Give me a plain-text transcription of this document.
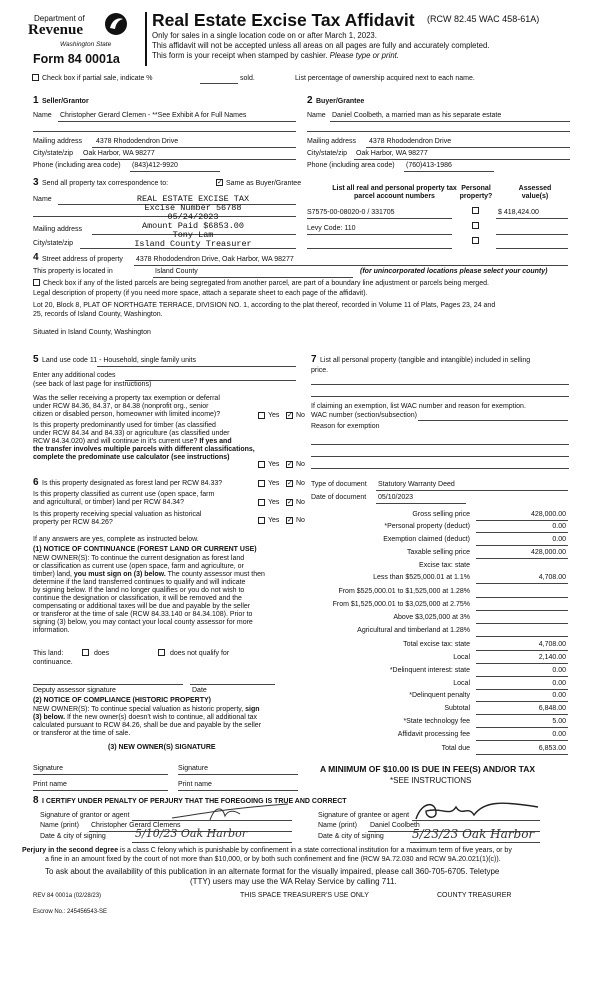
Department of
Revenue
Washington State
Form 84 0001a
Real Estate Excise Tax Affidavit (RCW 82.45 WAC 458-61A)
Only for sales in a single location code on or after March 1, 2023.
This affidavit will not be accepted unless all areas on all pages are fully and accurately completed.
This form is your receipt when stamped by cashier. Please type or print.
Check box if partial sale, indicate %	sold.	List percentage of ownership acquired next to each name.
1 Seller/Grantor
Name Christopher Gerard Clemen - **See Exhibit A for Full Names
Mailing address 4378 Rhododendron Drive
City/state/zip Oak Harbor, WA 98277
Phone (including area code) (843)412-9920
2 Buyer/Grantee
Name Daniel Coolbeth, a married man as his separate estate
Mailing address 4378 Rhododendron Drive
City/state/zip Oak Harbor, WA 98277
Phone (including area code) (760)413-1986
3 Send all property tax correspondence to:	✓ Same as Buyer/Grantee
Name
Mailing address
City/state/zip
REAL ESTATE EXCISE TAX
Excise Number 56788
05/24/2023
Amount Paid $6853.00
Tony Lam
Island County Treasurer
List all real and personal property tax
parcel account numbers
Personal
property?
Assessed
value(s)
S7575-00-08020-0 / 331705	$ 418,424.00
Levy Code: 110
4 Street address of property 4378 Rhododendron Drive, Oak Harbor, WA 98277
This property is located in	Island County	(for unincorporated locations please select your county)
Check box if any of the listed parcels are being segregated from another parcel, are part of a boundary line adjustment or parcels being merged.
Legal description of property (if you need more space, attach a separate sheet to each page of the affidavit).
Lot 20, Block 8, PLAT OF NORTHGATE TERRACE, DIVISION NO. 1, according to the plat thereof, recorded in Volume 11 of Plats, Pages 23, 24 and
25, records of Island County, Washington.
Situated in Island County, Washington
5 Land use code 11 - Household, single family units
Enter any additional codes
(see back of last page for instructions)
Was the seller receiving a property tax exemption or deferral
under RCW 84.36, 84.37, or 84.38 (nonprofit org., senior
citizen or disabled person, homeowner with limited income)?	Yes ✓ No
Is this property predominantly used for timber (as classified
under RCW 84.34 and 84.33) or agriculture (as classified under
RCW 84.34.020) and will continue in it's current use? If yes and
the transfer involves multiple parcels with different classifications,
complete the predominate use calculator (see instructions)
Yes ✓ No
6 Is this property designated as forest land per RCW 84.33?	Yes ✓ No
Is this property classified as current use (open space, farm
and agricultural, or timber) land per RCW 84.34?	Yes ✓ No
Is this property receiving special valuation as historical
property per RCW 84.26?	Yes ✓ No
If any answers are yes, complete as instructed below.
(1) NOTICE OF CONTINUANCE (FOREST LAND OR CURRENT USE)
NEW OWNER(S): To continue the current designation as forest land
or classification as current use (open space, farm and agriculture, or
timber) land, you must sign on (3) below. The county assessor must then
determine if the land transferred continues to qualify and will indicate
by signing below. If the land no longer qualifies or you do not wish to
continue the designation or classification, it will be removed and the
compensating or additional taxes will be due and payable by the seller
or transferor at the time of sale (RCW 84.33.140 or 84.34.108). Prior to
signing (3) below, you may contact your local county assessor for more
information.
This land:	does	does not qualify for
continuance.
Deputy assessor signature	Date
(2) NOTICE OF COMPLIANCE (HISTORIC PROPERTY)
NEW OWNER(S): To continue special valuation as historic property, sign
(3) below. If the new owner(s) doesn't wish to continue, all additional tax
calculated pursuant to RCW 84.26, shall be due and payable by the seller
or transferor at the time of sale.
(3) NEW OWNER(S) SIGNATURE
Signature	Signature
Print name	Print name
7 List all personal property (tangible and intangible) included in selling
price.
If claiming an exemption, list WAC number and reason for exemption.
WAC number (section/subsection)
Reason for exemption
Type of document Statutory Warranty Deed
Date of document 05/10/2023
Gross selling price	428,000.00
*Personal property (deduct)	0.00
Exemption claimed (deduct)	0.00
Taxable selling price	428,000.00
Excise tax: state
Less than $525,000.01 at 1.1%	4,708.00
From $525,000.01 to $1,525,000 at 1.28%
From $1,525,000.01 to $3,025,000 at 2.75%
Above $3,025,000 at 3%
Agricultural and timberland at 1.28%
Total excise tax: state	4,708.00
Local	2,140.00
*Delinquent interest: state	0.00
Local	0.00
*Delinquent penalty	0.00
Subtotal	6,848.00
*State technology fee	5.00
Affidavit processing fee	0.00
Total due	6,853.00
A MINIMUM OF $10.00 IS DUE IN FEE(S) AND/OR TAX
*SEE INSTRUCTIONS
8 I CERTIFY UNDER PENALTY OF PERJURY THAT THE FOREGOING IS TRUE AND CORRECT
Signature of grantor or agent
Name (print) Christopher Gerard Clemens
Date & city of signing	5/10/23 Oak Harbor
Signature of grantee or agent
Name (print) Daniel Coolbeth
Date & city of signing 5/23/23 Oak Harbor
Perjury in the second degree is a class C felony which is punishable by confinement in a state correctional institution for a maximum term of five years, or by
a fine in an amount fixed by the court of not more than $10,000, or by both such confinement and fine (RCW 9A.72.030 and RCW 9A.20.021(1)(c)).
To ask about the availability of this publication in an alternate format for the visually impaired, please call 360-705-6705. Teletype
(TTY) users may use the WA Relay Service by calling 711.
REV 84 0001a (02/28/23)	THIS SPACE TREASURER'S USE ONLY	COUNTY TREASURER
Escrow No.: 245456543-SE
